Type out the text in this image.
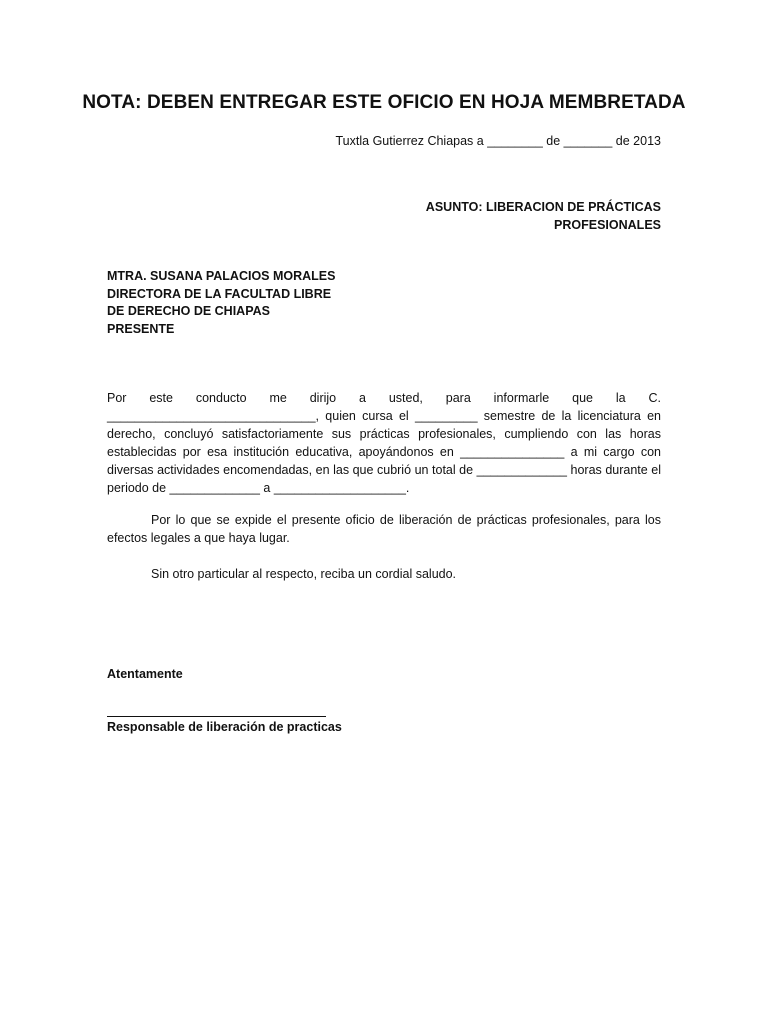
NOTA: DEBEN ENTREGAR ESTE OFICIO EN HOJA MEMBRETADA
Tuxtla Gutierrez Chiapas a ________ de _______ de 2013
ASUNTO: LIBERACION DE PRÁCTICAS
PROFESIONALES
MTRA. SUSANA PALACIOS MORALES
DIRECTORA DE LA FACULTAD LIBRE
DE DERECHO DE CHIAPAS
PRESENTE
Por este conducto me dirijo a usted, para informarle que la C. ______________________________, quien cursa el _________ semestre de la licenciatura en derecho, concluyó satisfactoriamente sus prácticas profesionales, cumpliendo con las horas establecidas por esa institución educativa, apoyándonos en _______________ a mi cargo con diversas actividades encomendadas, en las que cubrió un total de _____________ horas durante el periodo de _____________ a ___________________.
Por lo que se expide el presente oficio de liberación de prácticas profesionales, para los efectos legales a que haya lugar.
Sin otro particular al respecto, reciba un cordial saludo.
Atentamente
Responsable de liberación de practicas
